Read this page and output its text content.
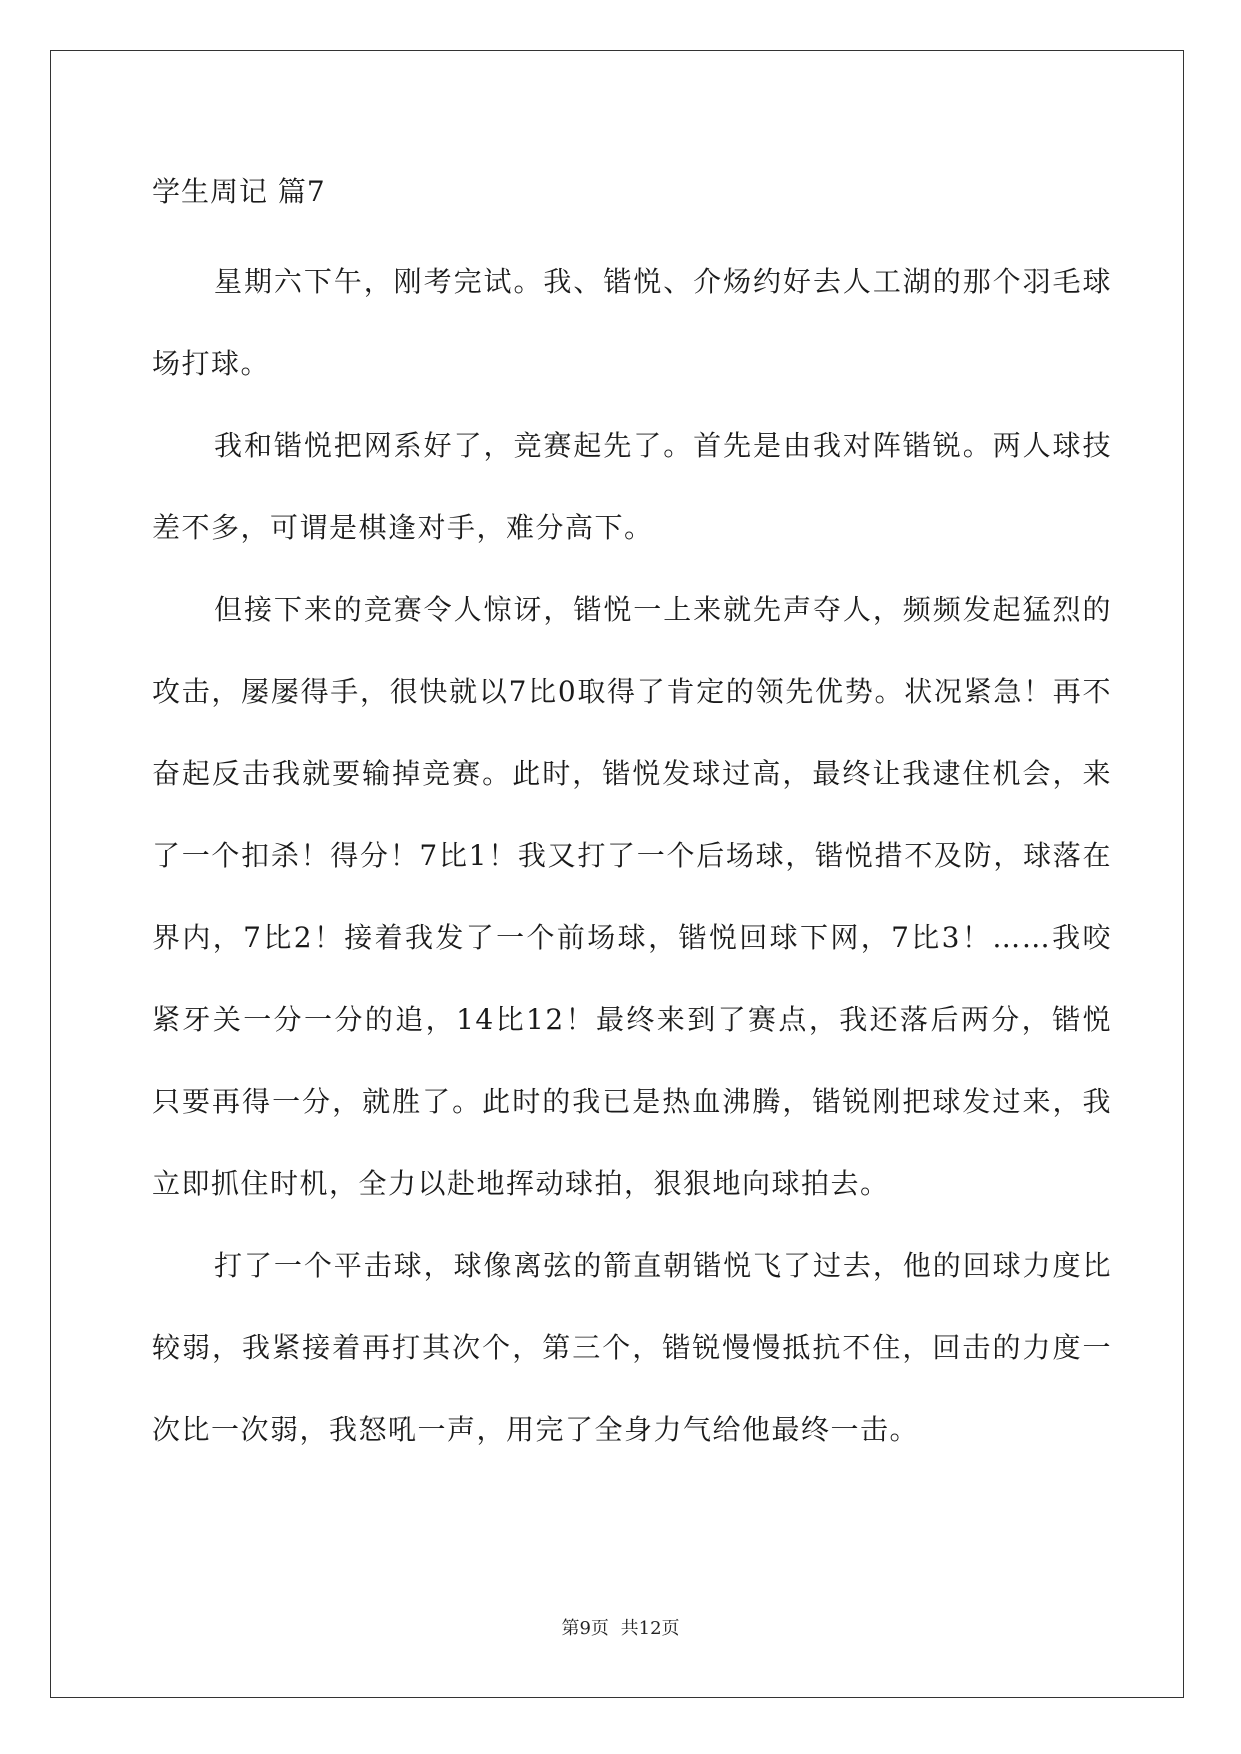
学生周记 篇7

星期六下午，刚考完试。我、锴悦、介炀约好去人工湖的那个羽毛球场打球。

我和锴悦把网系好了，竞赛起先了。首先是由我对阵锴锐。两人球技差不多，可谓是棋逢对手，难分高下。

但接下来的竞赛令人惊讶，锴悦一上来就先声夺人，频频发起猛烈的攻击，屡屡得手，很快就以7比0取得了肯定的领先优势。状况紧急！再不奋起反击我就要输掉竞赛。此时，锴悦发球过高，最终让我逮住机会，来了一个扣杀！得分！7比1！我又打了一个后场球，锴悦措不及防，球落在界内，7比2！接着我发了一个前场球，锴悦回球下网，7比3！……我咬紧牙关一分一分的追，14比12！最终来到了赛点，我还落后两分，锴悦只要再得一分，就胜了。此时的我已是热血沸腾，锴锐刚把球发过来，我立即抓住时机，全力以赴地挥动球拍，狠狠地向球拍去。

打了一个平击球，球像离弦的箭直朝锴悦飞了过去，他的回球力度比较弱，我紧接着再打其次个，第三个，锴锐慢慢抵抗不住，回击的力度一次比一次弱，我怒吼一声，用完了全身力气给他最终一击。

第9页 共12页
